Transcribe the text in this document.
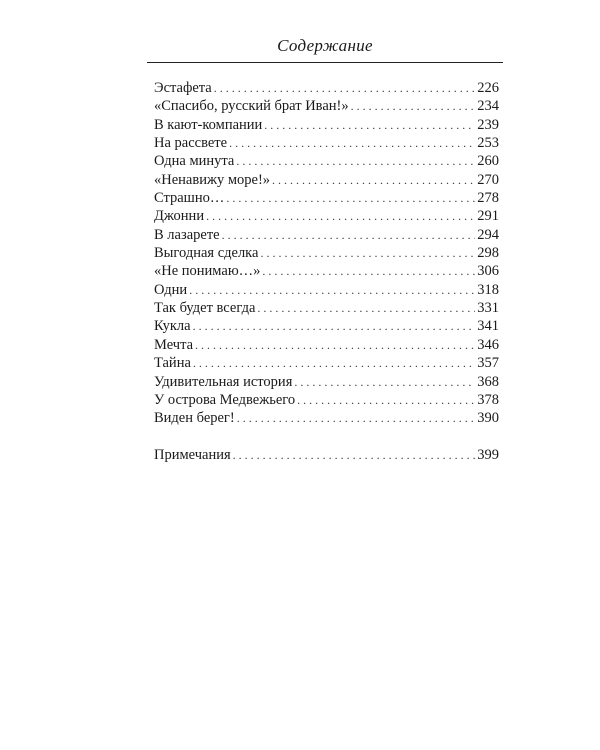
Содержание
Эстафета . . .	226
«Спасибо, русский брат Иван!» . . .	234
В кают-компании . . .	239
На рассвете . . .	253
Одна минута . . .	260
«Ненавижу море!» . . .	270
Страшно… . . .	278
Джонни . . .	291
В лазарете . . .	294
Выгодная сделка . . .	298
«Не понимаю…» . . .	306
Одни . . .	318
Так будет всегда . . .	331
Кукла . . .	341
Мечта . . .	346
Тайна . . .	357
Удивительная история . . .	368
У острова Медвежьего . . .	378
Виден берег! . . .	390
Примечания . . .	399
